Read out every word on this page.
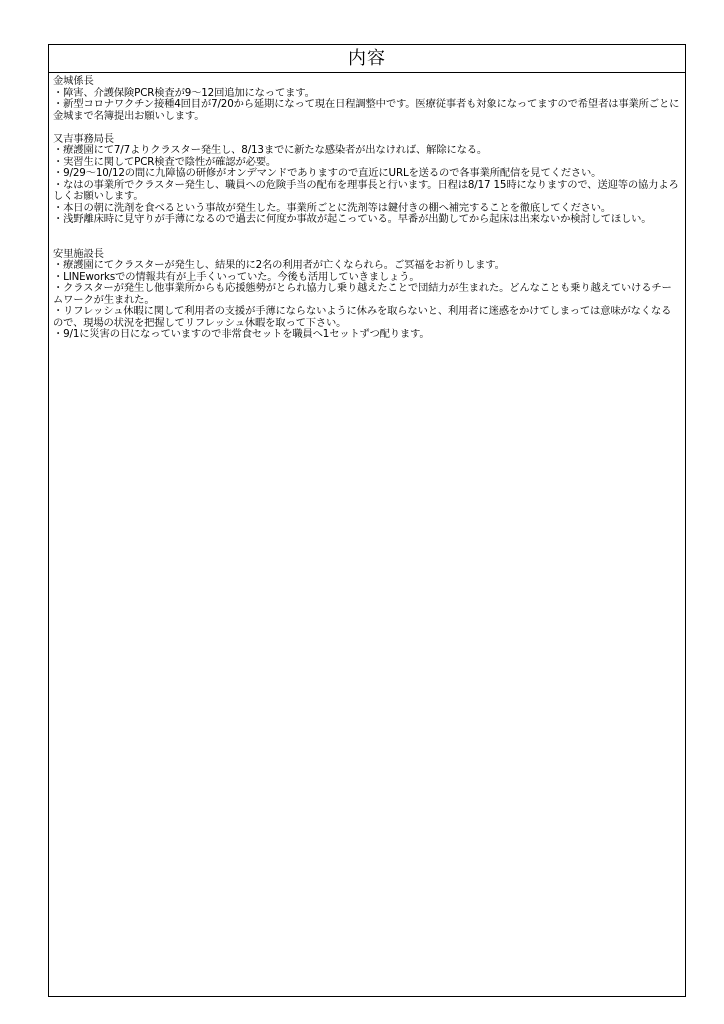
内容
金城係長
・障害、介護保険PCR検査が9～12回追加になってます。
・新型コロナワクチン接種4回目が7/20から延期になって現在日程調整中です。医療従事者も対象になってますので希望者は事業所ごとに金城まで名簿提出お願いします。
又吉事務局長
・療護園にて7/7よりクラスター発生し、8/13までに新たな感染者が出なければ、解除になる。
・実習生に関してPCR検査で陰性が確認が必要。
・9/29～10/12の間に九障協の研修がオンデマンドでありますので直近にURLを送るので各事業所配信を見てください。
・なはの事業所でクラスター発生し、職員への危険手当の配布を理事長と行います。日程は8/17 15時になりますので、送迎等の協力よろしくお願いします。
・本日の朝に洗剤を食べるという事故が発生した。事業所ごとに洗剤等は鍵付きの棚へ補完することを徹底してください。
・浅野離床時に見守りが手薄になるので過去に何度か事故が起こっている。早番が出勤してから起床は出来ないか検討してほしい。
安里施設長
・療護園にてクラスターが発生し、結果的に2名の利用者が亡くなられら。ご冥福をお祈りします。
・LINEworksでの情報共有が上手くいっていた。今後も活用していきましょう。
・クラスターが発生し他事業所からも応援態勢がとられ協力し乗り越えたことで団結力が生まれた。どんなことも乗り越えていけるチームワークが生まれた。
・リフレッシュ休暇に関して利用者の支援が手薄にならないように休みを取らないと、利用者に迷惑をかけてしまっては意味がなくなるので、現場の状況を把握してリフレッシュ休暇を取って下さい。
・9/1に災害の日になっていますので非常食セットを職員へ1セットずつ配ります。
